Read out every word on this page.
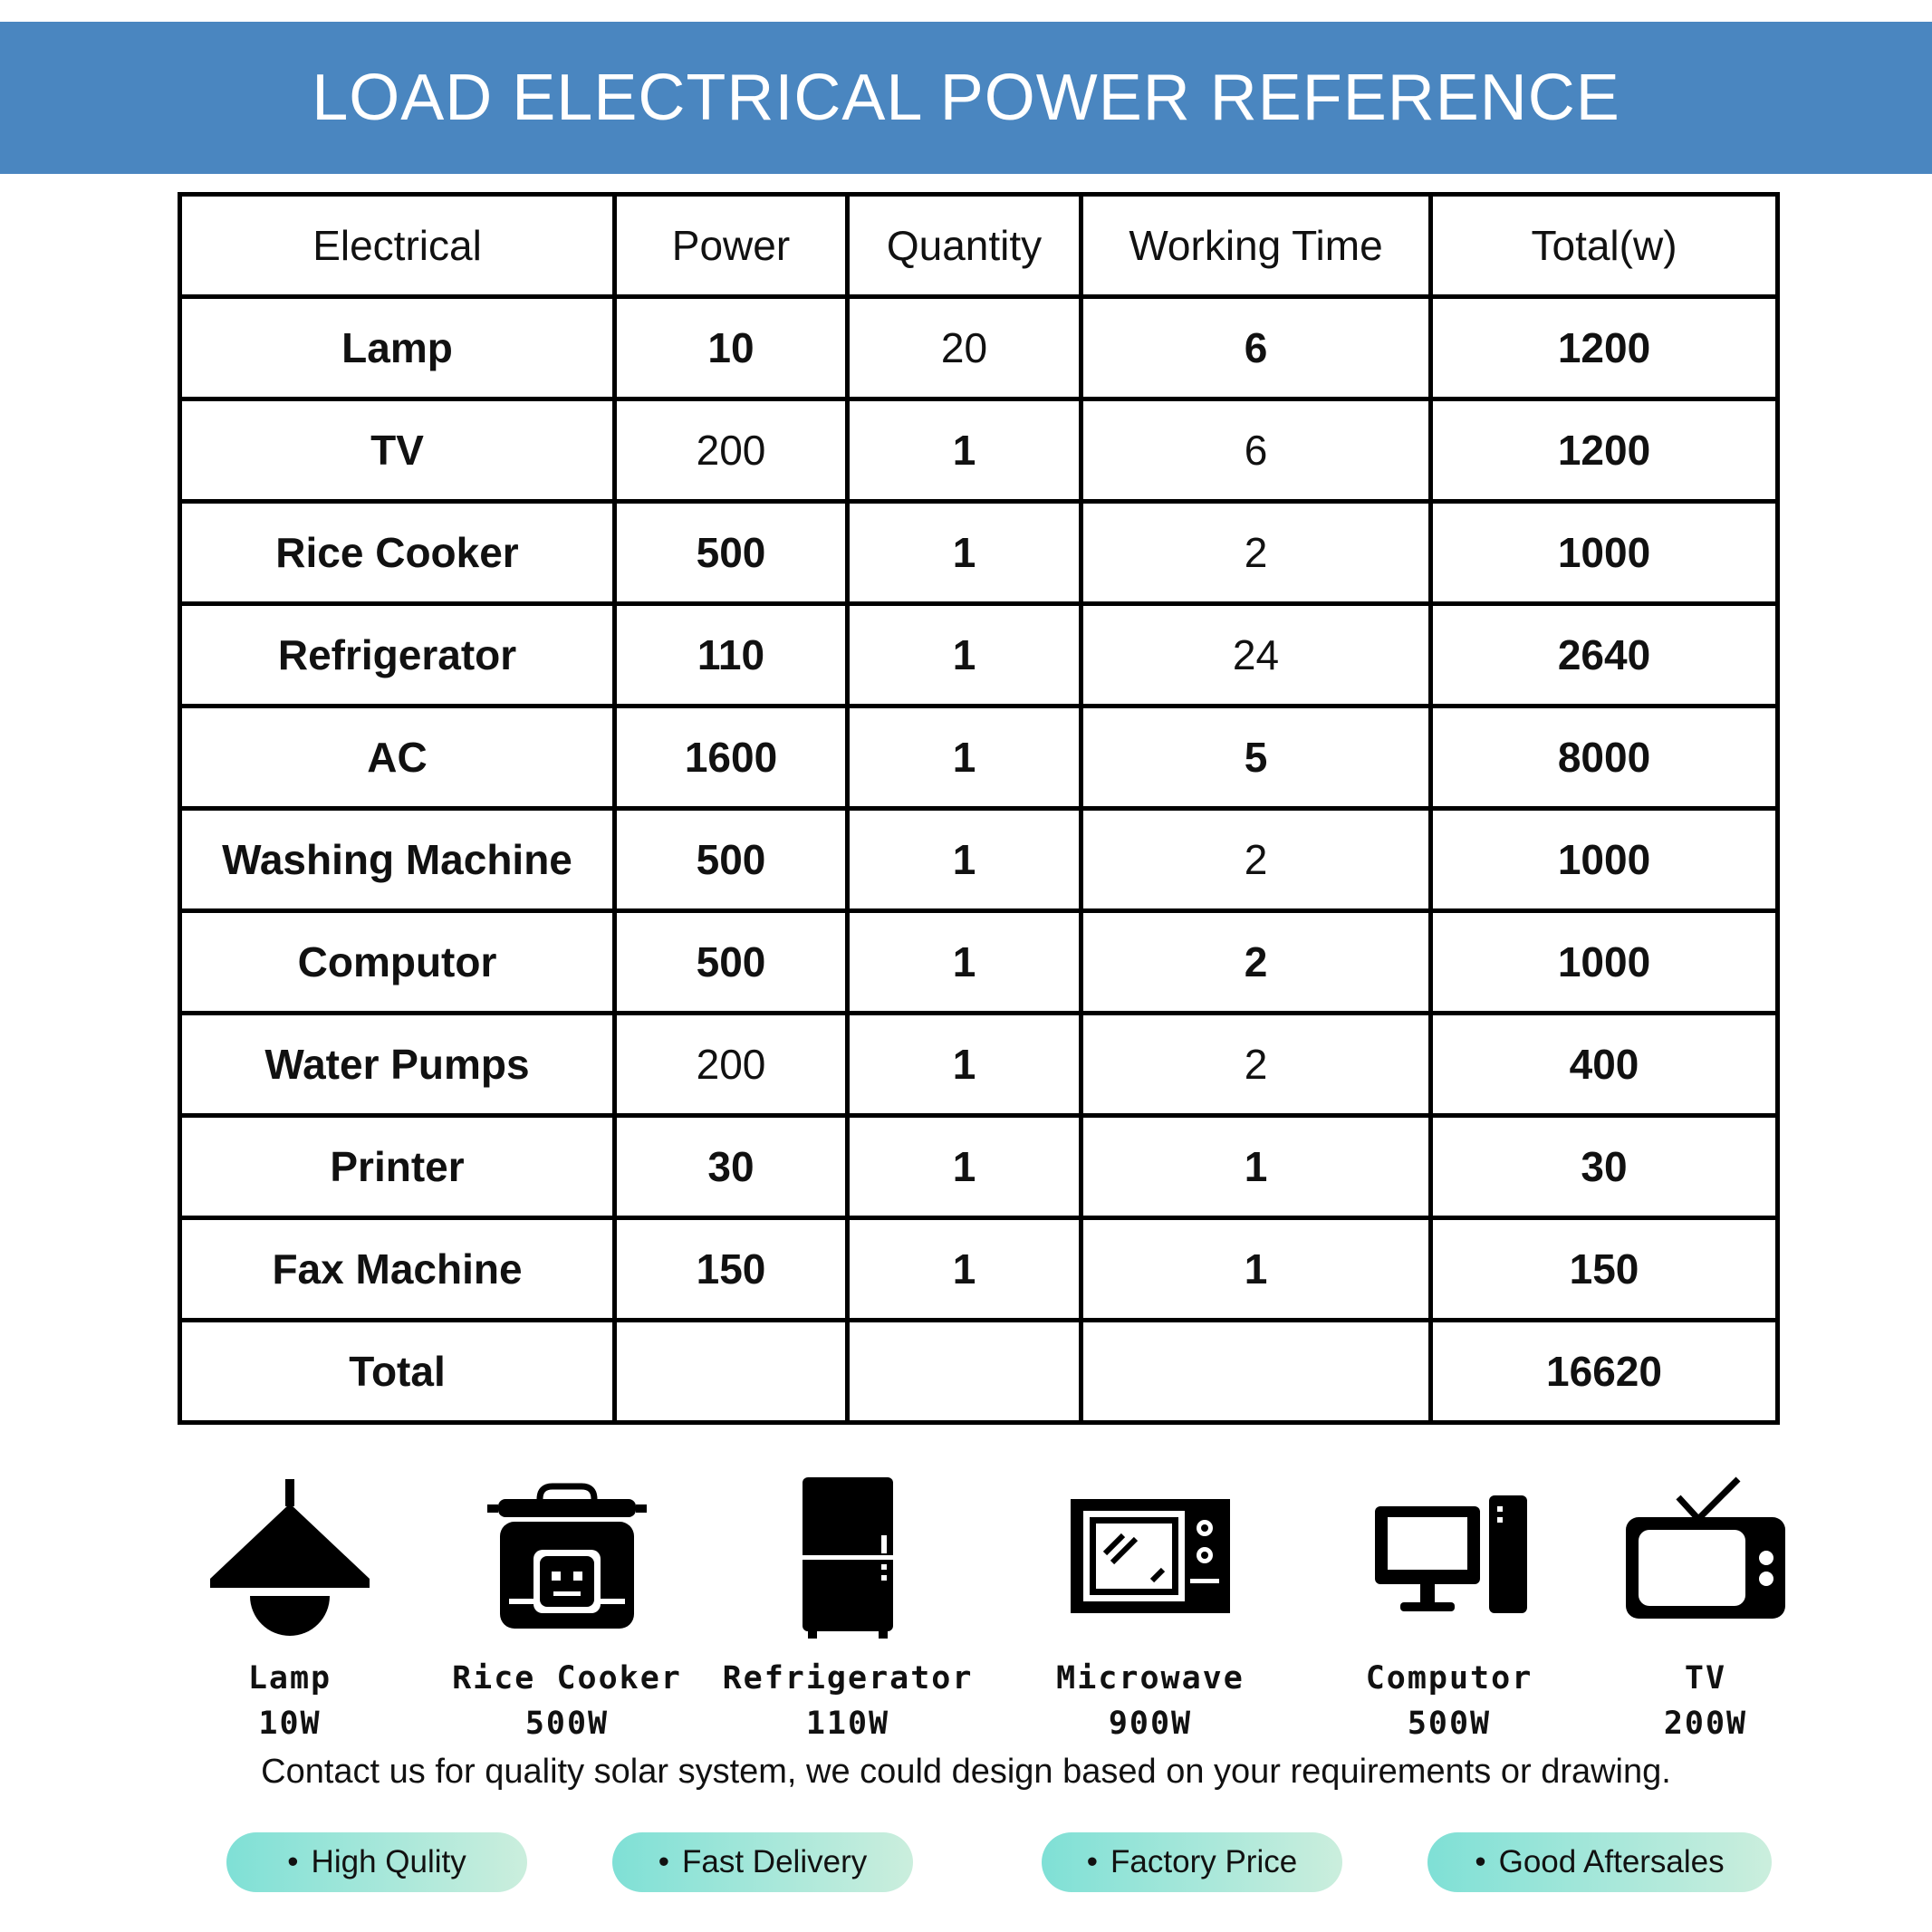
LOAD ELECTRICAL POWER REFERENCE
Electrical	Power	Quantity	Working Time	Total(w)
Lamp	10	20	6	1200
TV	200	1	6	1200
Rice Cooker	500	1	2	1000
Refrigerator	110	1	24	2640
AC	1600	1	5	8000
Washing Machine	500	1	2	1000
Computor	500	1	2	1000
Water Pumps	200	1	2	400
Printer	30	1	1	30
Fax Machine	150	1	1	150
Total				16620
Lamp
10W
Rice Cooker
500W
Refrigerator
110W
Microwave
900W
Computor
500W
TV
200W
Contact us for quality solar system, we could design based on your requirements or drawing.
• High Qulity	• Fast Delivery	• Factory Price	• Good Aftersales
